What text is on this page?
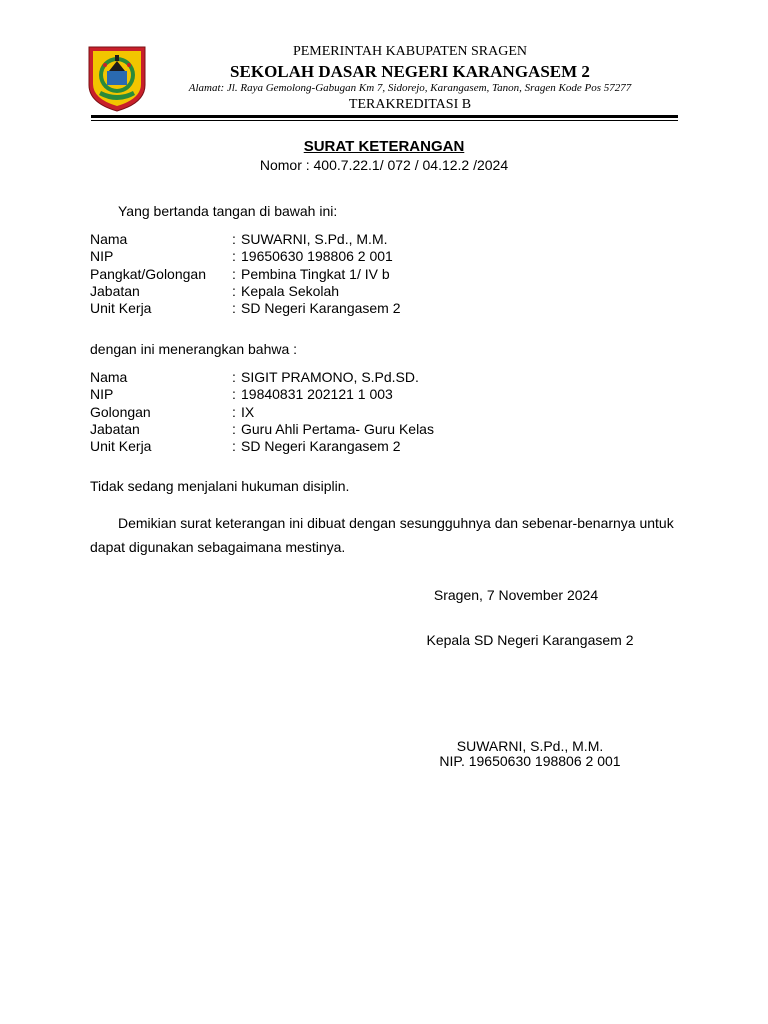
PEMERINTAH KABUPATEN SRAGEN
SEKOLAH DASAR NEGERI KARANGASEM 2
Alamat: Jl. Raya Gemolong-Gabugan Km 7, Sidorejo, Karangasem, Tanon, Sragen Kode Pos 57277
TERAKREDITASI B
SURAT KETERANGAN
Nomor : 400.7.22.1/ 072 / 04.12.2 /2024
Yang bertanda tangan di bawah ini:
Nama	: SUWARNI, S.Pd., M.M.
NIP	: 19650630 198806 2 001
Pangkat/Golongan	: Pembina Tingkat 1/ IV b
Jabatan	: Kepala Sekolah
Unit Kerja	: SD Negeri Karangasem 2
dengan ini menerangkan bahwa :
Nama	: SIGIT PRAMONO, S.Pd.SD.
NIP	: 19840831 202121 1 003
Golongan	: IX
Jabatan	: Guru Ahli Pertama- Guru Kelas
Unit Kerja	: SD Negeri Karangasem 2
Tidak sedang menjalani hukuman disiplin.
Demikian surat keterangan ini dibuat dengan sesungguhnya dan sebenar-benarnya untuk dapat digunakan sebagaimana mestinya.
Sragen, 7 November 2024
Kepala SD Negeri Karangasem 2
SUWARNI, S.Pd., M.M.
NIP. 19650630 198806 2 001
